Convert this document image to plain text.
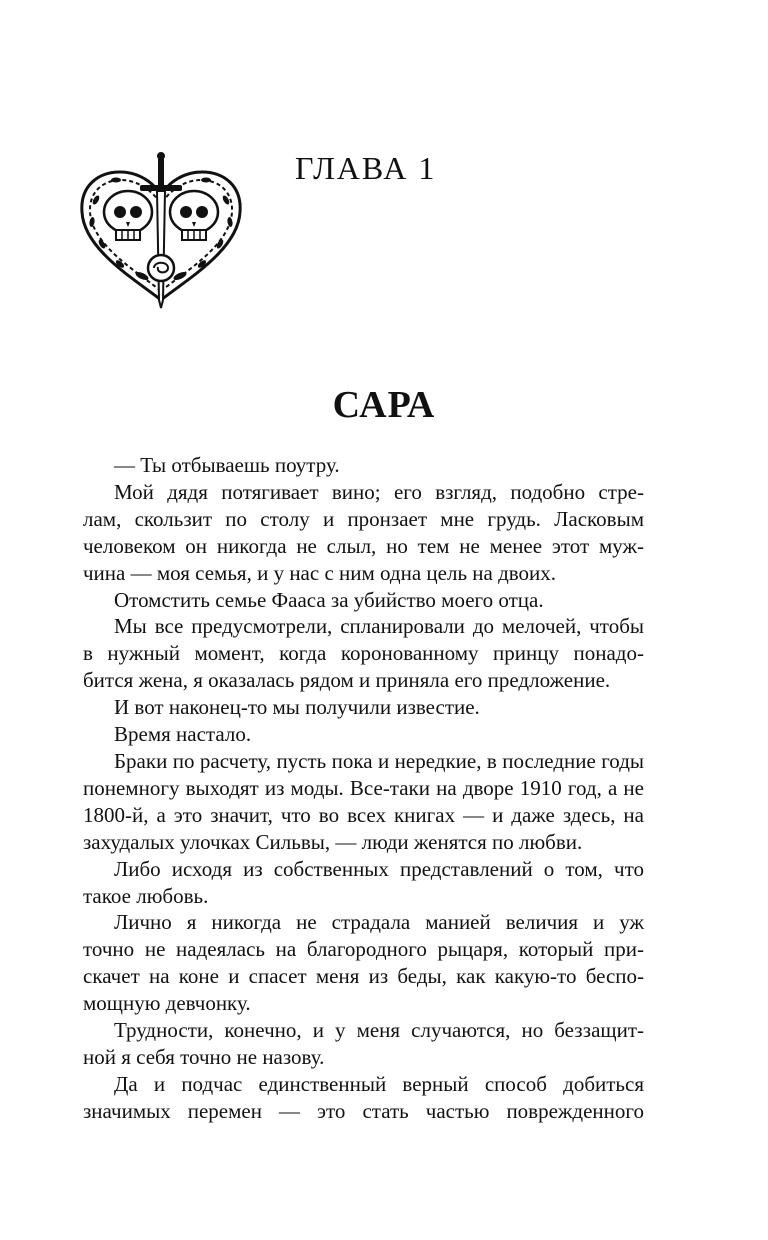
ГЛАВА 1
САРА
— Ты отбываешь поутру.
Мой дядя потягивает вино; его взгляд, подобно стре-
лам, скользит по столу и пронзает мне грудь. Ласковым
человеком он никогда не слыл, но тем не менее этот муж-
чина — моя семья, и у нас с ним одна цель на двоих.
Отомстить семье Фааса за убийство моего отца.
Мы все предусмотрели, спланировали до мелочей, чтобы
в нужный момент, когда коронованному принцу понадо-
бится жена, я оказалась рядом и приняла его предложение.
И вот наконец-то мы получили известие.
Время настало.
Браки по расчету, пусть пока и нередкие, в последние годы
понемногу выходят из моды. Все-таки на дворе 1910 год, а не
1800-й, а это значит, что во всех книгах — и даже здесь, на
захудалых улочках Сильвы, — люди женятся по любви.
Либо исходя из собственных представлений о том, что
такое любовь.
Лично я никогда не страдала манией величия и уж
точно не надеялась на благородного рыцаря, который при-
скачет на коне и спасет меня из беды, как какую-то беспо-
мощную девчонку.
Трудности, конечно, и у меня случаются, но беззащит-
ной я себя точно не назову.
Да и подчас единственный верный способ добиться
значимых перемен — это стать частью поврежденного
